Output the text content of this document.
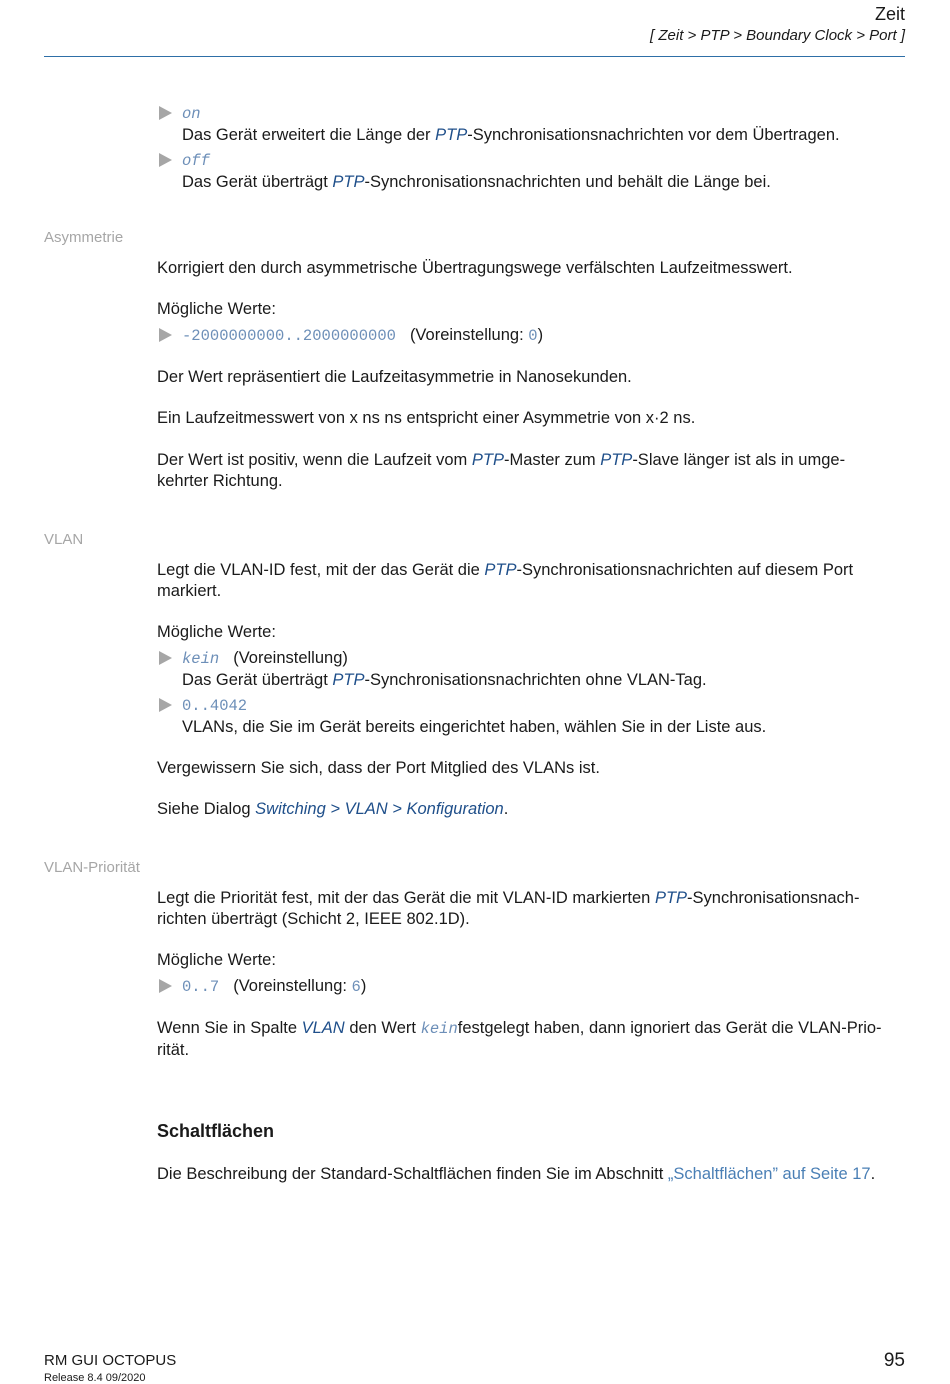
Zeit
[ Zeit > PTP > Boundary Clock > Port ]
on
Das Gerät erweitert die Länge der PTP-Synchronisationsnachrichten vor dem Übertragen.
off
Das Gerät überträgt PTP-Synchronisationsnachrichten und behält die Länge bei.
Asymmetrie
Korrigiert den durch asymmetrische Übertragungswege verfälschten Laufzeitmesswert.
Mögliche Werte:
-2000000000..2000000000 (Voreinstellung: 0)
Der Wert repräsentiert die Laufzeitasymmetrie in Nanosekunden.
Ein Laufzeitmesswert von x ns ns entspricht einer Asymmetrie von x·2 ns.
Der Wert ist positiv, wenn die Laufzeit vom PTP-Master zum PTP-Slave länger ist als in umge-
kehrter Richtung.
VLAN
Legt die VLAN-ID fest, mit der das Gerät die PTP-Synchronisationsnachrichten auf diesem Port
markiert.
Mögliche Werte:
kein (Voreinstellung)
Das Gerät überträgt PTP-Synchronisationsnachrichten ohne VLAN-Tag.
0..4042
VLANs, die Sie im Gerät bereits eingerichtet haben, wählen Sie in der Liste aus.
Vergewissern Sie sich, dass der Port Mitglied des VLANs ist.
Siehe Dialog Switching > VLAN > Konfiguration.
VLAN-Priorität
Legt die Priorität fest, mit der das Gerät die mit VLAN-ID markierten PTP-Synchronisationsnach-
richten überträgt (Schicht 2, IEEE 802.1D).
Mögliche Werte:
0..7 (Voreinstellung: 6)
Wenn Sie in Spalte VLAN den Wert keinfestgelegt haben, dann ignoriert das Gerät die VLAN-Prio-
rität.
Schaltflächen
Die Beschreibung der Standard-Schaltflächen finden Sie im Abschnitt „Schaltflächen” auf Seite 17.
RM GUI OCTOPUS
Release 8.4 09/2020
95
